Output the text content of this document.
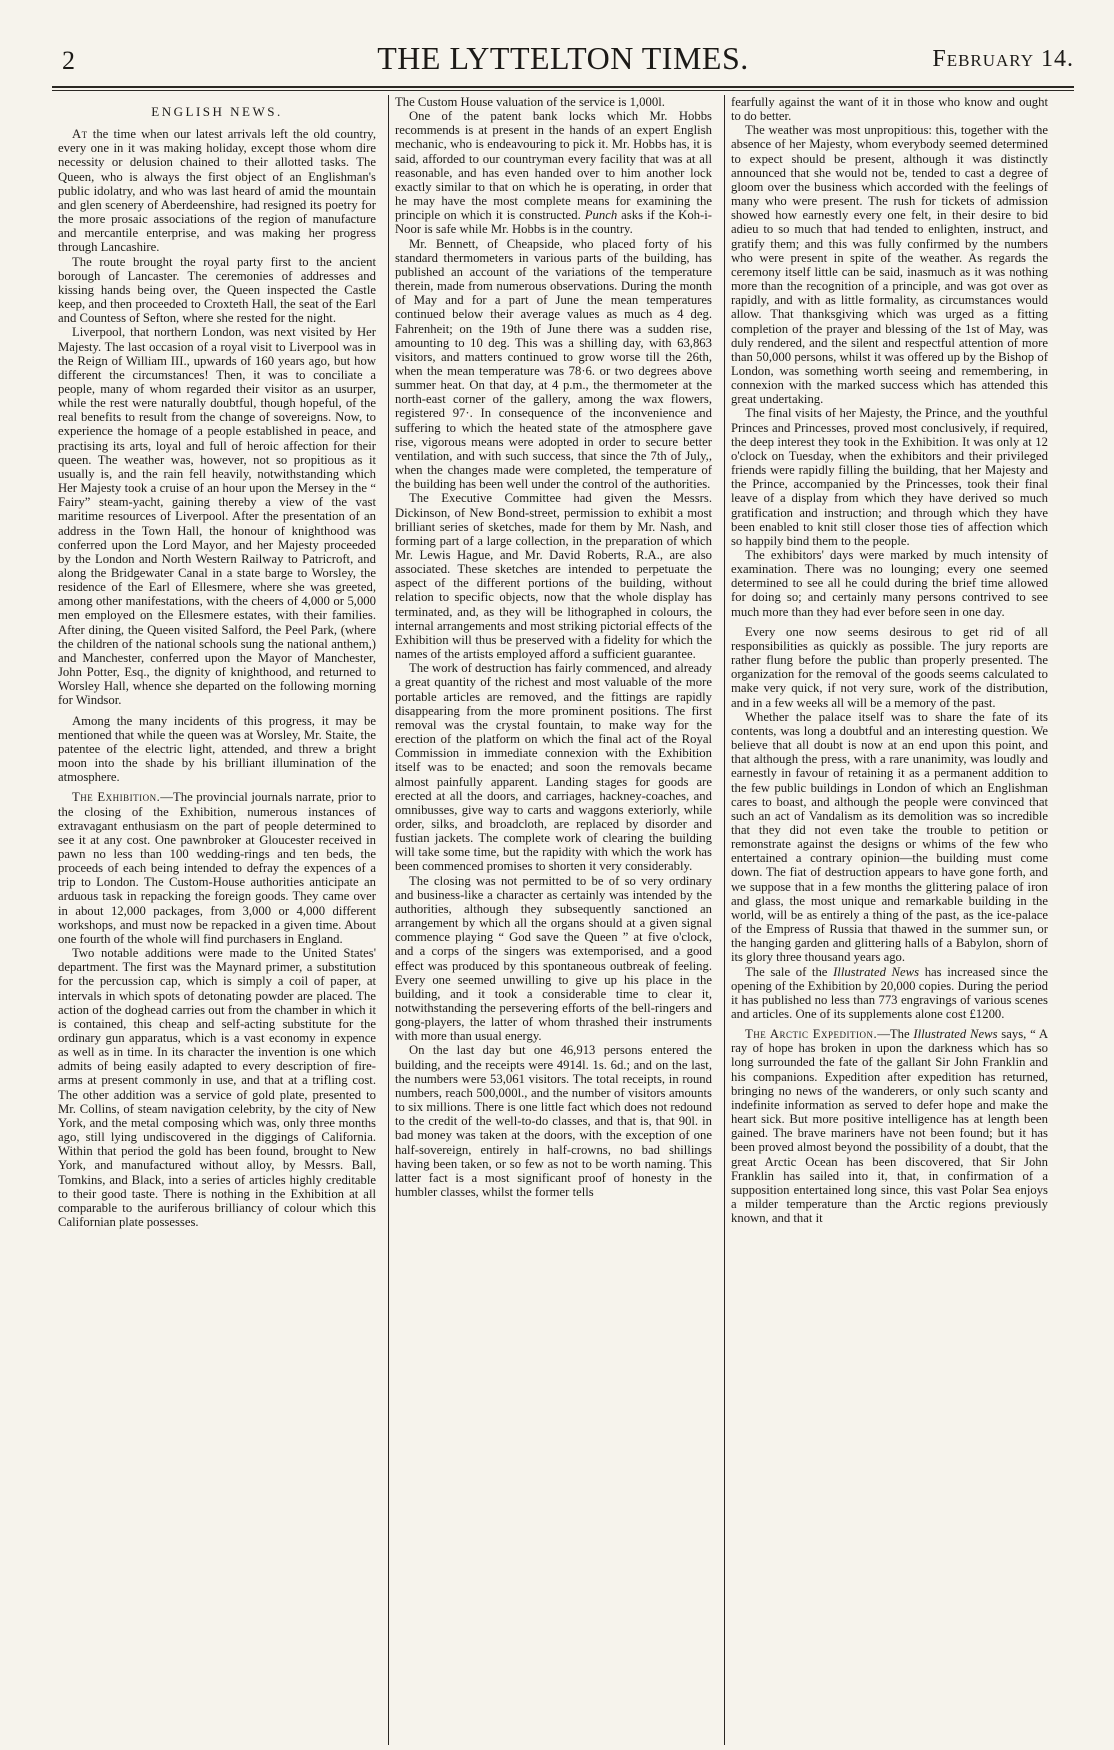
2	THE LYTTELTON TIMES.	February 14.
ENGLISH NEWS.

At the time when our latest arrivals left the old country, every one in it was making holiday, except those whom dire necessity or delusion chained to their allotted tasks. The Queen, who is always the first object of an Englishman's public idolatry, and who was last heard of amid the mountain and glen scenery of Aberdeenshire, had resigned its poetry for the more prosaic associations of the region of manufacture and mercantile enterprise, and was making her progress through Lancashire.

The route brought the royal party first to the ancient borough of Lancaster. The ceremonies of addresses and kissing hands being over, the Queen inspected the Castle keep, and then proceeded to Croxteth Hall, the seat of the Earl and Countess of Sefton, where she rested for the night.

Liverpool, that northern London, was next visited by Her Majesty. The last occasion of a royal visit to Liverpool was in the Reign of William III., upwards of 160 years ago, but how different the circumstances! Then, it was to conciliate a people, many of whom regarded their visitor as an usurper, while the rest were naturally doubtful, though hopeful, of the real benefits to result from the change of sovereigns. Now, to experience the homage of a people established in peace, and practising its arts, loyal and full of heroic affection for their queen. The weather was, however, not so propitious as it usually is, and the rain fell heavily, notwithstanding which Her Majesty took a cruise of an hour upon the Mersey in the “ Fairy” steam-yacht, gaining thereby a view of the vast maritime resources of Liverpool. After the presentation of an address in the Town Hall, the honour of knighthood was conferred upon the Lord Mayor, and her Majesty proceeded by the London and North Western Railway to Patricroft, and along the Bridgewater Canal in a state barge to Worsley, the residence of the Earl of Ellesmere, where she was greeted, among other manifestations, with the cheers of 4,000 or 5,000 men employed on the Ellesmere estates, with their families. After dining, the Queen visited Salford, the Peel Park, (where the children of the national schools sung the national anthem,) and Manchester, conferred upon the Mayor of Manchester, John Potter, Esq., the dignity of knighthood, and returned to Worsley Hall, whence she departed on the following morning for Windsor.

Among the many incidents of this progress, it may be mentioned that while the queen was at Worsley, Mr. Staite, the patentee of the electric light, attended, and threw a bright moon into the shade by his brilliant illumination of the atmosphere.

The Exhibition.—The provincial journals narrate, prior to the closing of the Exhibition, numerous instances of extravagant enthusiasm on the part of people determined to see it at any cost. One pawnbroker at Gloucester received in pawn no less than 100 wedding-rings and ten beds, the proceeds of each being intended to defray the expences of a trip to London. The Custom-House authorities anticipate an arduous task in repacking the foreign goods. They came over in about 12,000 packages, from 3,000 or 4,000 different workshops, and must now be repacked in a given time. About one fourth of the whole will find purchasers in England.

Two notable additions were made to the United States' department. The first was the Maynard primer, a substitution for the percussion cap, which is simply a coil of paper, at intervals in which spots of detonating powder are placed. The action of the doghead carries out from the chamber in which it is contained, this cheap and self-acting substitute for the ordinary gun apparatus, which is a vast economy in expence as well as in time. In its character the invention is one which admits of being easily adapted to every description of fire-arms at present commonly in use, and that at a trifling cost. The other addition was a service of gold plate, presented to Mr. Collins, of steam navigation celebrity, by the city of New York, and the metal composing which was, only three months ago, still lying undiscovered in the diggings of California. Within that period the gold has been found, brought to New York, and manufactured without alloy, by Messrs. Ball, Tomkins, and Black, into a series of articles highly creditable to their good taste. There is nothing in the Exhibition at all comparable to the auriferous brilliancy of colour which this Californian plate possesses.

The Custom House valuation of the service is 1,000l.

One of the patent bank locks which Mr. Hobbs recommends is at present in the hands of an expert English mechanic, who is endeavouring to pick it. Mr. Hobbs has, it is said, afforded to our countryman every facility that was at all reasonable, and has even handed over to him another lock exactly similar to that on which he is operating, in order that he may have the most complete means for examining the principle on which it is constructed. Punch asks if the Koh-i-Noor is safe while Mr. Hobbs is in the country.

Mr. Bennett, of Cheapside, who placed forty of his standard thermometers in various parts of the building, has published an account of the variations of the temperature therein, made from numerous observations. During the month of May and for a part of June the mean temperatures continued below their average values as much as 4 deg. Fahrenheit; on the 19th of June there was a sudden rise, amounting to 10 deg. This was a shilling day, with 63,863 visitors, and matters continued to grow worse till the 26th, when the mean temperature was 78·6. or two degrees above summer heat. On that day, at 4 p.m., the thermometer at the north-east corner of the gallery, among the wax flowers, registered 97·. In consequence of the inconvenience and suffering to which the heated state of the atmosphere gave rise, vigorous means were adopted in order to secure better ventilation, and with such success, that since the 7th of July,, when the changes made were completed, the temperature of the building has been well under the control of the authorities.

The Executive Committee had given the Messrs. Dickinson, of New Bond-street, permission to exhibit a most brilliant series of sketches, made for them by Mr. Nash, and forming part of a large collection, in the preparation of which Mr. Lewis Hague, and Mr. David Roberts, R.A., are also associated. These sketches are intended to perpetuate the aspect of the different portions of the building, without relation to specific objects, now that the whole display has terminated, and, as they will be lithographed in colours, the internal arrangements and most striking pictorial effects of the Exhibition will thus be preserved with a fidelity for which the names of the artists employed afford a sufficient guarantee.

The work of destruction has fairly commenced, and already a great quantity of the richest and most valuable of the more portable articles are removed, and the fittings are rapidly disappearing from the more prominent positions. The first removal was the crystal fountain, to make way for the erection of the platform on which the final act of the Royal Commission in immediate connexion with the Exhibition itself was to be enacted; and soon the removals became almost painfully apparent. Landing stages for goods are erected at all the doors, and carriages, hackney-coaches, and omnibusses, give way to carts and waggons exteriorly, while order, silks, and broadcloth, are replaced by disorder and fustian jackets. The complete work of clearing the building will take some time, but the rapidity with which the work has been commenced promises to shorten it very considerably.

The closing was not permitted to be of so very ordinary and business-like a character as certainly was intended by the authorities, although they subsequently sanctioned an arrangement by which all the organs should at a given signal commence playing “ God save the Queen ” at five o'clock, and a corps of the singers was extemporised, and a good effect was produced by this spontaneous outbreak of feeling. Every one seemed unwilling to give up his place in the building, and it took a considerable time to clear it, notwithstanding the persevering efforts of the bell-ringers and gong-players, the latter of whom thrashed their instruments with more than usual energy.

On the last day but one 46,913 persons entered the building, and the receipts were 4914l. 1s. 6d.; and on the last, the numbers were 53,061 visitors. The total receipts, in round numbers, reach 500,000l., and the number of visitors amounts to six millions. There is one little fact which does not redound to the credit of the well-to-do classes, and that is, that 90l. in bad money was taken at the doors, with the exception of one half-sovereign, entirely in half-crowns, no bad shillings having been taken, or so few as not to be worth naming. This latter fact is a most significant proof of honesty in the humbler classes, whilst the former tells

fearfully against the want of it in those who know and ought to do better.

The weather was most unpropitious: this, together with the absence of her Majesty, whom everybody seemed determined to expect should be present, although it was distinctly announced that she would not be, tended to cast a degree of gloom over the business which accorded with the feelings of many who were present. The rush for tickets of admission showed how earnestly every one felt, in their desire to bid adieu to so much that had tended to enlighten, instruct, and gratify them; and this was fully confirmed by the numbers who were present in spite of the weather. As regards the ceremony itself little can be said, inasmuch as it was nothing more than the recognition of a principle, and was got over as rapidly, and with as little formality, as circumstances would allow. That thanksgiving which was urged as a fitting completion of the prayer and blessing of the 1st of May, was duly rendered, and the silent and respectful attention of more than 50,000 persons, whilst it was offered up by the Bishop of London, was something worth seeing and remembering, in connexion with the marked success which has attended this great undertaking.

The final visits of her Majesty, the Prince, and the youthful Princes and Princesses, proved most conclusively, if required, the deep interest they took in the Exhibition. It was only at 12 o'clock on Tuesday, when the exhibitors and their privileged friends were rapidly filling the building, that her Majesty and the Prince, accompanied by the Princesses, took their final leave of a display from which they have derived so much gratification and instruction; and through which they have been enabled to knit still closer those ties of affection which so happily bind them to the people.

The exhibitors' days were marked by much intensity of examination. There was no lounging; every one seemed determined to see all he could during the brief time allowed for doing so; and certainly many persons contrived to see much more than they had ever before seen in one day.

Every one now seems desirous to get rid of all responsibilities as quickly as possible. The jury reports are rather flung before the public than properly presented. The organization for the removal of the goods seems calculated to make very quick, if not very sure, work of the distribution, and in a few weeks all will be a memory of the past.

Whether the palace itself was to share the fate of its contents, was long a doubtful and an interesting question. We believe that all doubt is now at an end upon this point, and that although the press, with a rare unanimity, was loudly and earnestly in favour of retaining it as a permanent addition to the few public buildings in London of which an Englishman cares to boast, and although the people were convinced that such an act of Vandalism as its demolition was so incredible that they did not even take the trouble to petition or remonstrate against the designs or whims of the few who entertained a contrary opinion—the building must come down. The fiat of destruction appears to have gone forth, and we suppose that in a few months the glittering palace of iron and glass, the most unique and remarkable building in the world, will be as entirely a thing of the past, as the ice-palace of the Empress of Russia that thawed in the summer sun, or the hanging garden and glittering halls of a Babylon, shorn of its glory three thousand years ago.

The sale of the Illustrated News has increased since the opening of the Exhibition by 20,000 copies. During the period it has published no less than 773 engravings of various scenes and articles. One of its supplements alone cost £1200.

The Arctic Expedition.—The Illustrated News says, “ A ray of hope has broken in upon the darkness which has so long surrounded the fate of the gallant Sir John Franklin and his companions. Expedition after expedition has returned, bringing no news of the wanderers, or only such scanty and indefinite information as served to defer hope and make the heart sick. But more positive intelligence has at length been gained. The brave mariners have not been found; but it has been proved almost beyond the possibility of a doubt, that the great Arctic Ocean has been discovered, that Sir John Franklin has sailed into it, that, in confirmation of a supposition entertained long since, this vast Polar Sea enjoys a milder temperature than the Arctic regions previously known, and that it
